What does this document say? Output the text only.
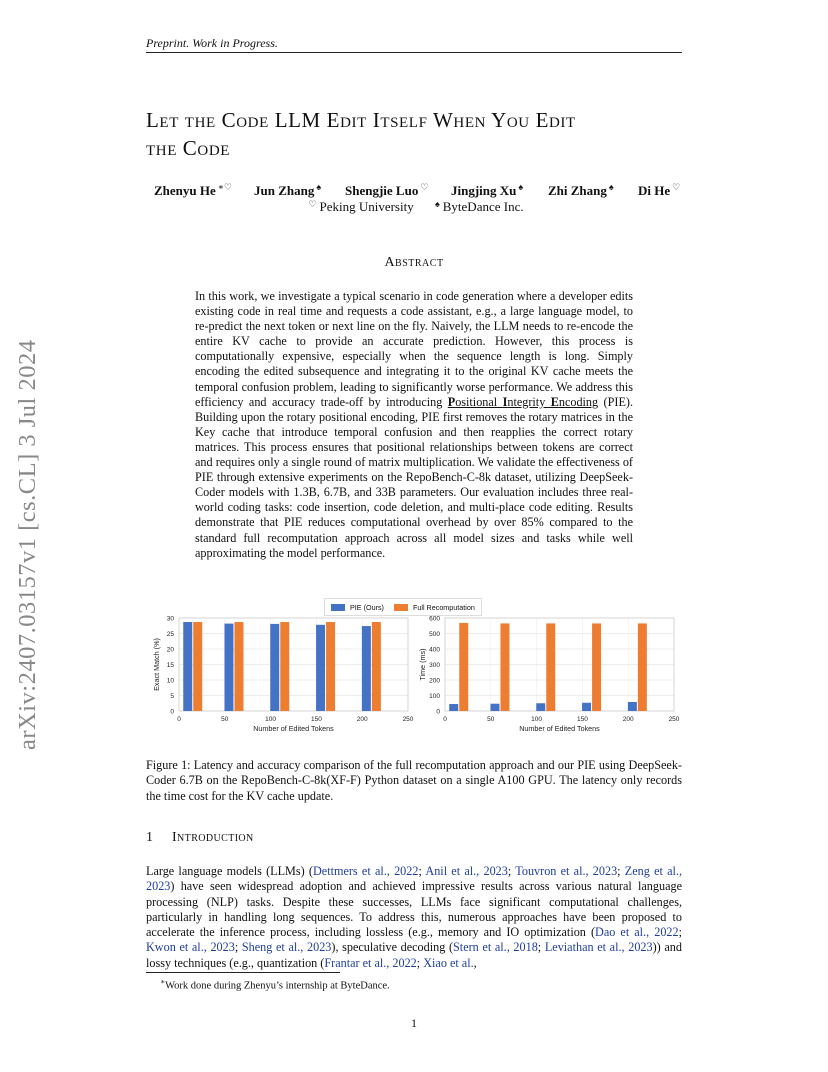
Preprint. Work in Progress.
arXiv:2407.03157v1 [cs.CL] 3 Jul 2024
Let the Code LLM Edit Itself When You Edit
the Code
Zhenyu He ∗♡ Jun Zhang ♠ Shengjie Luo ♡ Jingjing Xu ♠ Zhi Zhang ♠ Di He ♡
♡ Peking University ♠ ByteDance Inc.
Abstract
In this work, we investigate a typical scenario in code generation where a developer edits existing code in real time and requests a code assistant, e.g., a large language model, to re-predict the next token or next line on the fly. Naively, the LLM needs to re-encode the entire KV cache to provide an accurate prediction. However, this process is computationally expensive, especially when the sequence length is long. Simply encoding the edited subsequence and integrating it to the original KV cache meets the temporal confusion problem, leading to significantly worse performance. We address this efficiency and accuracy trade-off by introducing Positional Integrity Encoding (PIE). Building upon the rotary positional encoding, PIE first removes the rotary matrices in the Key cache that introduce temporal confusion and then reapplies the correct rotary matrices. This process ensures that positional relationships between tokens are correct and requires only a single round of matrix multiplication. We validate the effectiveness of PIE through extensive experiments on the RepoBench-C-8k dataset, utilizing DeepSeek-Coder models with 1.3B, 6.7B, and 33B parameters. Our evaluation includes three real-world coding tasks: code insertion, code deletion, and multi-place code editing. Results demonstrate that PIE reduces computational overhead by over 85% compared to the standard full recomputation approach across all model sizes and tasks while well approximating the model performance.
PIE (Ours)	Full Recomputation
0
5
10
15
20
25
30
0	50	100	150	200	250
Number of Edited Tokens
Exact Match (%)
0
100
200
300
400
500
600
0	50	100	150	200	250
Number of Edited Tokens
Time (ms)
Figure 1: Latency and accuracy comparison of the full recomputation approach and our PIE using DeepSeek-Coder 6.7B on the RepoBench-C-8k(XF-F) Python dataset on a single A100 GPU. The latency only records the time cost for the KV cache update.
1 Introduction
Large language models (LLMs) (Dettmers et al., 2022; Anil et al., 2023; Touvron et al., 2023; Zeng et al., 2023) have seen widespread adoption and achieved impressive results across various natural language processing (NLP) tasks. Despite these successes, LLMs face significant computational challenges, particularly in handling long sequences. To address this, numerous approaches have been proposed to accelerate the inference process, including lossless (e.g., memory and IO optimization (Dao et al., 2022; Kwon et al., 2023; Sheng et al., 2023), speculative decoding (Stern et al., 2018; Leviathan et al., 2023)) and lossy techniques (e.g., quantization (Frantar et al., 2022; Xiao et al.,
∗Work done during Zhenyu’s internship at ByteDance.
1
